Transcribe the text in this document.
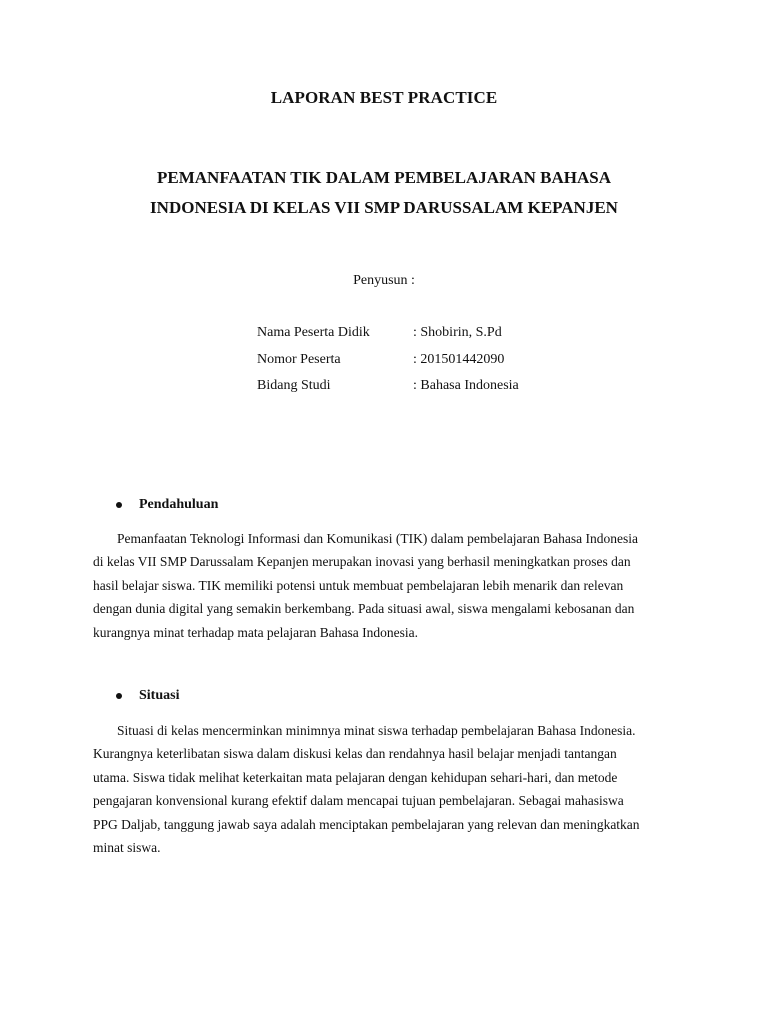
LAPORAN BEST PRACTICE
PEMANFAATAN TIK DALAM PEMBELAJARAN BAHASA
INDONESIA DI KELAS VII SMP DARUSSALAM KEPANJEN
Penyusun :
Nama Peserta Didik	: Shobirin, S.Pd
Nomor Peserta	: 201501442090
Bidang Studi	: Bahasa Indonesia
Pendahuluan
Pemanfaatan Teknologi Informasi dan Komunikasi (TIK) dalam pembelajaran Bahasa Indonesia
di kelas VII SMP Darussalam Kepanjen merupakan inovasi yang berhasil meningkatkan proses dan
hasil belajar siswa. TIK memiliki potensi untuk membuat pembelajaran lebih menarik dan relevan
dengan dunia digital yang semakin berkembang. Pada situasi awal, siswa mengalami kebosanan dan
kurangnya minat terhadap mata pelajaran Bahasa Indonesia.
Situasi
Situasi di kelas mencerminkan minimnya minat siswa terhadap pembelajaran Bahasa Indonesia.
Kurangnya keterlibatan siswa dalam diskusi kelas dan rendahnya hasil belajar menjadi tantangan
utama. Siswa tidak melihat keterkaitan mata pelajaran dengan kehidupan sehari-hari, dan metode
pengajaran konvensional kurang efektif dalam mencapai tujuan pembelajaran. Sebagai mahasiswa
PPG Daljab, tanggung jawab saya adalah menciptakan pembelajaran yang relevan dan meningkatkan
minat siswa.
